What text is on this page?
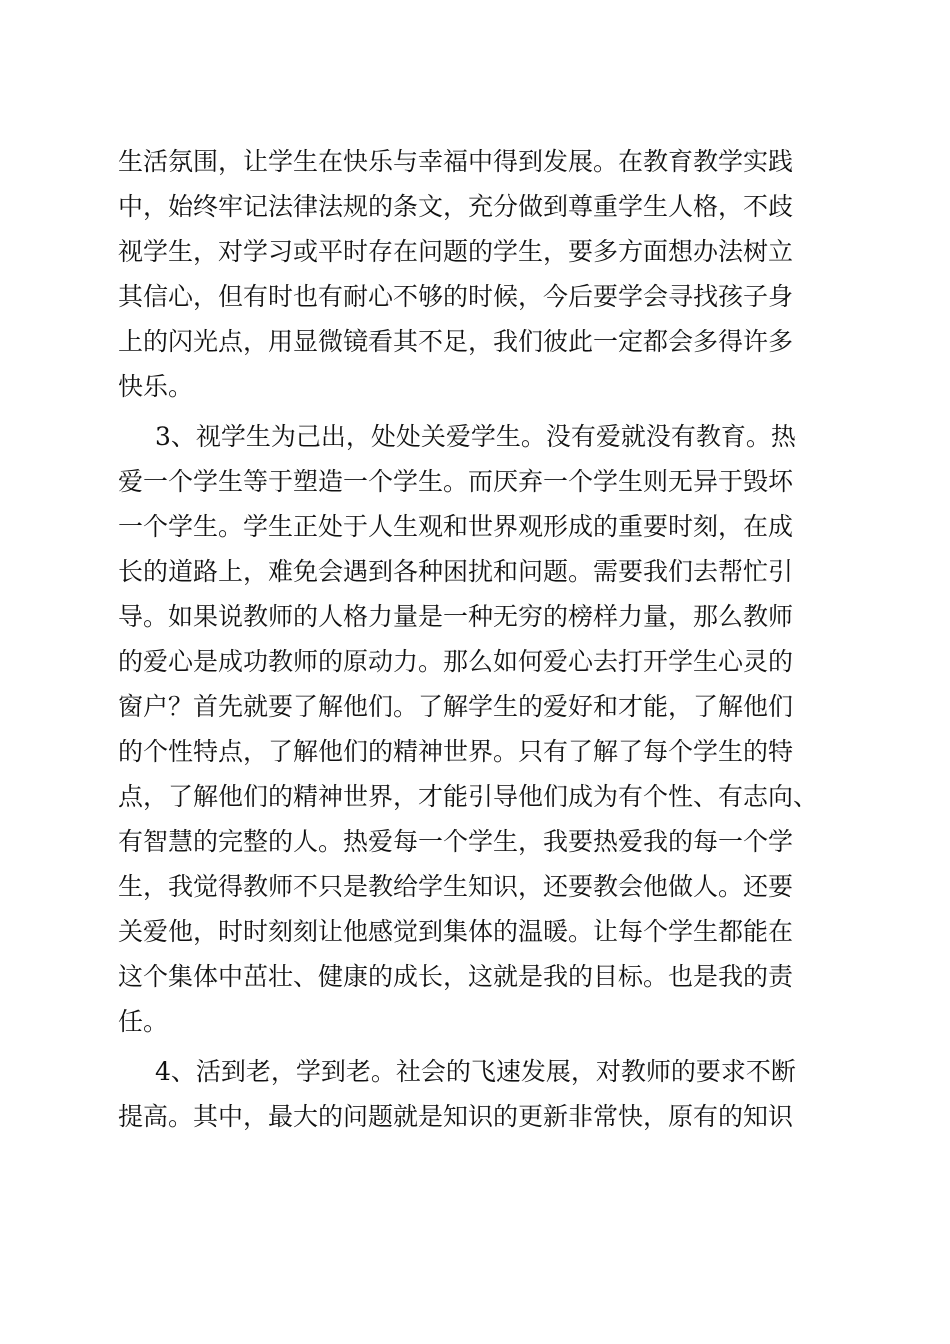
生活氛围，让学生在快乐与幸福中得到发展。在教育教学实践
中，始终牢记法律法规的条文，充分做到尊重学生人格，不歧
视学生，对学习或平时存在问题的学生，要多方面想办法树立
其信心，但有时也有耐心不够的时候，今后要学会寻找孩子身
上的闪光点，用显微镜看其不足，我们彼此一定都会多得许多
快乐。
3、视学生为己出，处处关爱学生。没有爱就没有教育。热
爱一个学生等于塑造一个学生。而厌弃一个学生则无异于毁坏
一个学生。学生正处于人生观和世界观形成的重要时刻，在成
长的道路上，难免会遇到各种困扰和问题。需要我们去帮忙引
导。如果说教师的人格力量是一种无穷的榜样力量，那么教师
的爱心是成功教师的原动力。那么如何爱心去打开学生心灵的
窗户？首先就要了解他们。了解学生的爱好和才能，了解他们
的个性特点，了解他们的精神世界。只有了解了每个学生的特
点，了解他们的精神世界，才能引导他们成为有个性、有志向、
有智慧的完整的人。热爱每一个学生，我要热爱我的每一个学
生，我觉得教师不只是教给学生知识，还要教会他做人。还要
关爱他，时时刻刻让他感觉到集体的温暖。让每个学生都能在
这个集体中茁壮、健康的成长，这就是我的目标。也是我的责
任。
4、活到老，学到老。社会的飞速发展，对教师的要求不断
提高。其中，最大的问题就是知识的更新非常快，原有的知识
